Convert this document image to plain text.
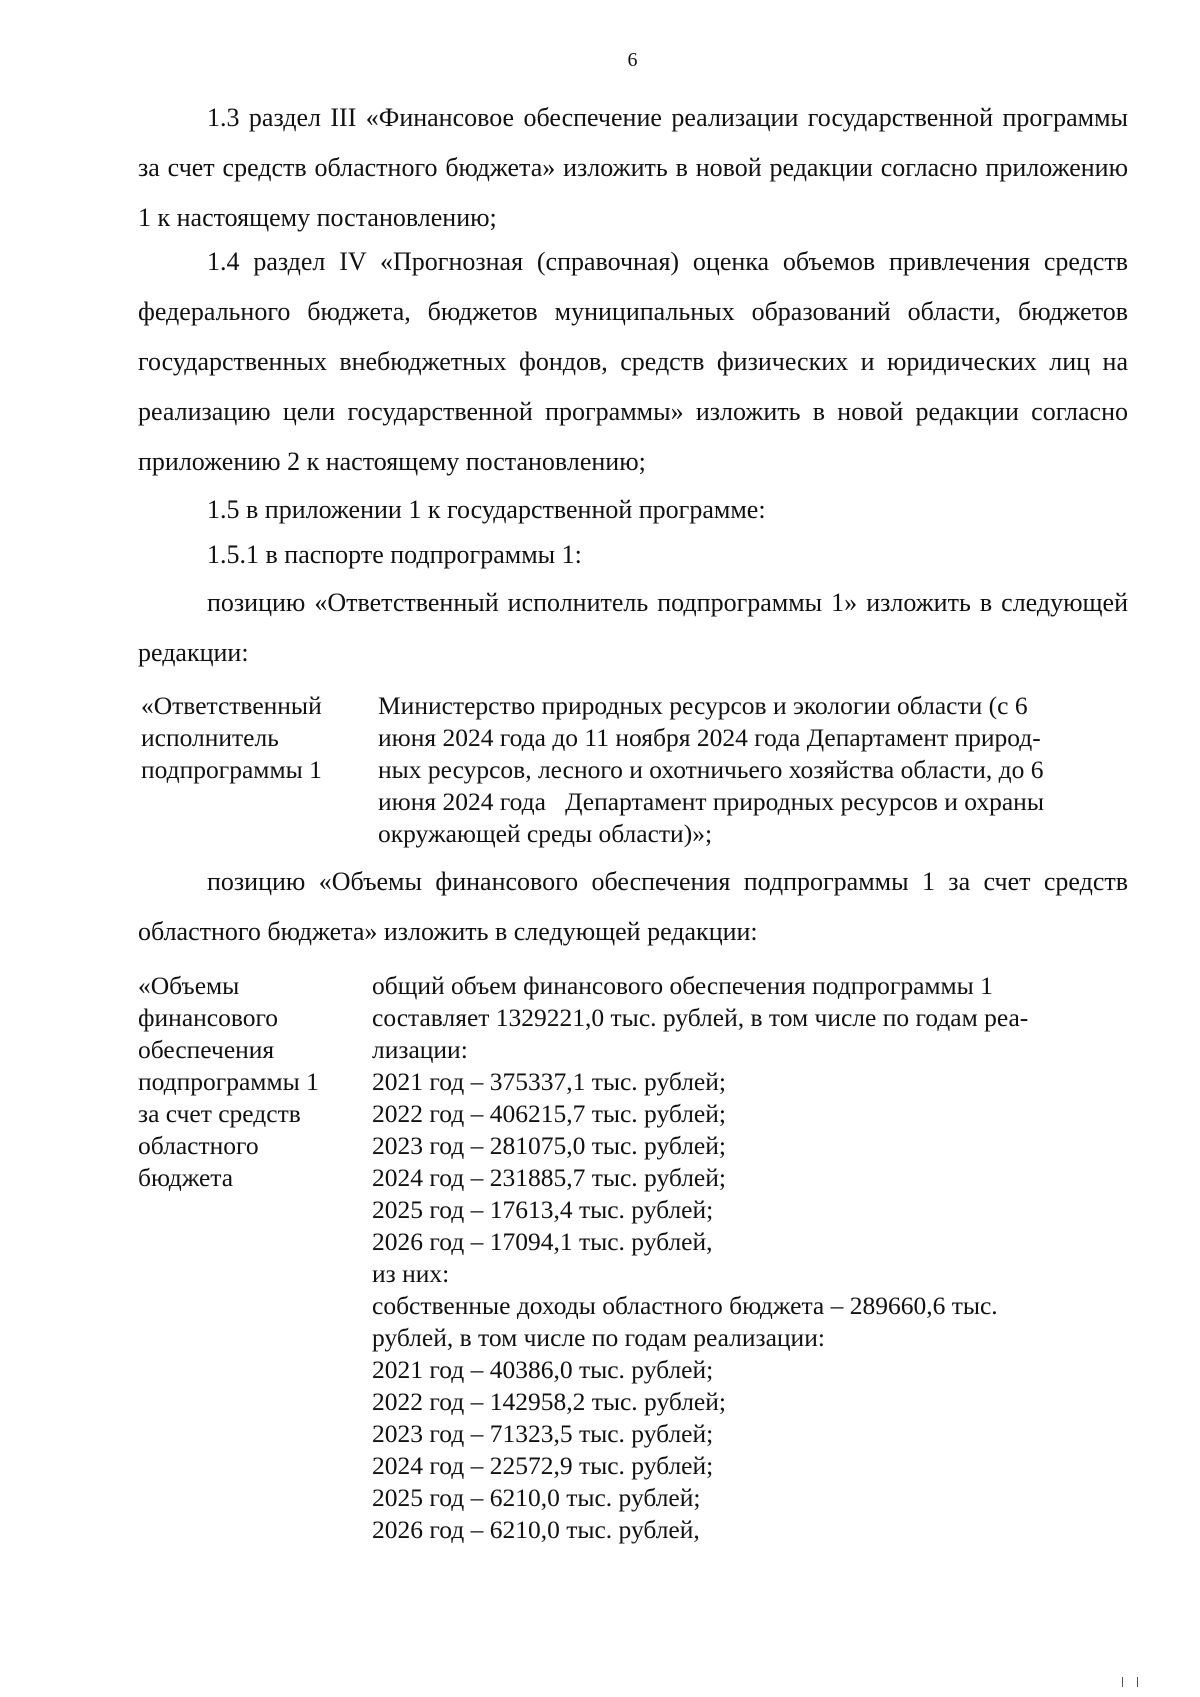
6

1.3 раздел III «Финансовое обеспечение реализации государственной программы за счет средств областного бюджета» изложить в новой редакции согласно приложению 1 к настоящему постановлению;

1.4 раздел IV «Прогнозная (справочная) оценка объемов привлечения средств федерального бюджета, бюджетов муниципальных образований области, бюджетов государственных внебюджетных фондов, средств физических и юридических лиц на реализацию цели государственной программы» изложить в новой редакции согласно приложению 2 к настоящему постановлению;

1.5 в приложении 1 к государственной программе:

1.5.1 в паспорте подпрограммы 1:

позицию «Ответственный исполнитель подпрограммы 1» изложить в следующей редакции:

«Ответственный
исполнитель
подпрограммы 1
Министерство природных ресурсов и экологии области (с 6
июня 2024 года до 11 ноября 2024 года Департамент природ-
ных ресурсов, лесного и охотничьего хозяйства области, до 6
июня 2024 года   Департамент природных ресурсов и охраны
окружающей среды области)»;

позицию «Объемы финансового обеспечения подпрограммы 1 за счет средств областного бюджета» изложить в следующей редакции:

«Объемы
финансового
обеспечения
подпрограммы 1
за счет средств
областного
бюджета
общий объем финансового обеспечения подпрограммы 1
составляет 1329221,0 тыс. рублей, в том числе по годам реа-
лизации:
2021 год – 375337,1 тыс. рублей;
2022 год – 406215,7 тыс. рублей;
2023 год – 281075,0 тыс. рублей;
2024 год – 231885,7 тыс. рублей;
2025 год – 17613,4 тыс. рублей;
2026 год – 17094,1 тыс. рублей,
из них:
собственные доходы областного бюджета – 289660,6 тыс.
рублей, в том числе по годам реализации:
2021 год – 40386,0 тыс. рублей;
2022 год – 142958,2 тыс. рублей;
2023 год – 71323,5 тыс. рублей;
2024 год – 22572,9 тыс. рублей;
2025 год – 6210,0 тыс. рублей;
2026 год – 6210,0 тыс. рублей,
